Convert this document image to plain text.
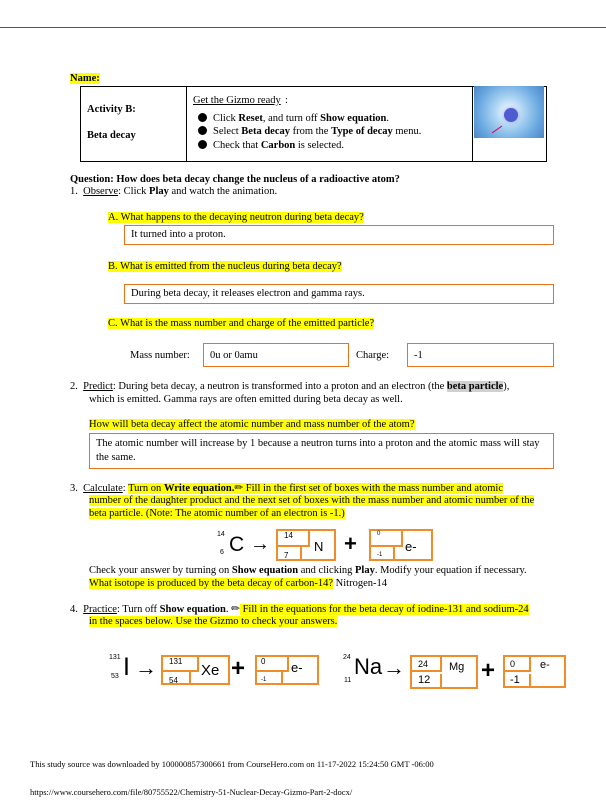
Name:
Activity B:
Beta decay
Get the Gizmo ready :
Click Reset, and turn off Show equation.
Select Beta decay from the Type of decay menu.
Check that Carbon is selected.
Question: How does beta decay change the nucleus of a radioactive atom?
1. Observe: Click Play and watch the animation.
A. What happens to the decaying neutron during beta decay?
It turned into a proton.
B. What is emitted from the nucleus during beta decay?
During beta decay, it releases electron and gamma rays.
C. What is the mass number and charge of the emitted particle?
Mass number:	0u or 0amu	Charge:	-1
2. Predict: During beta decay, a neutron is transformed into a proton and an electron (the beta particle),
which is emitted. Gamma rays are often emitted during beta decay as well.
How will beta decay affect the atomic number and mass number of the atom?
The atomic number will increase by 1 because a neutron turns into a proton and the atomic mass will stay the same.
3. Calculate: Turn on Write equation.✏ Fill in the first set of boxes with the mass number and atomic
number of the daughter product and the next set of boxes with the mass number and atomic number of the
beta particle. (Note: The atomic number of an electron is -1.)
14
6 C →	14
7
N +	0
-1
e-
Check your answer by turning on Show equation and clicking Play. Modify your equation if necessary.
What isotope is produced by the beta decay of carbon-14? Nitrogen-14
4. Practice: Turn off Show equation. ✏ Fill in the equations for the beta decay of iodine-131 and sodium-24
in the spaces below. Use the Gizmo to check your answers.
131
53 I →	131
54
Xe +	0
-1
e-
24
11
Na →	24
12
Mg +	0
-1
e-
This study source was downloaded by 100000857300661 from CourseHero.com on 11-17-2022 15:24:50 GMT -06:00
https://www.coursehero.com/file/80755522/Chemistry-51-Nuclear-Decay-Gizmo-Part-2-docx/
